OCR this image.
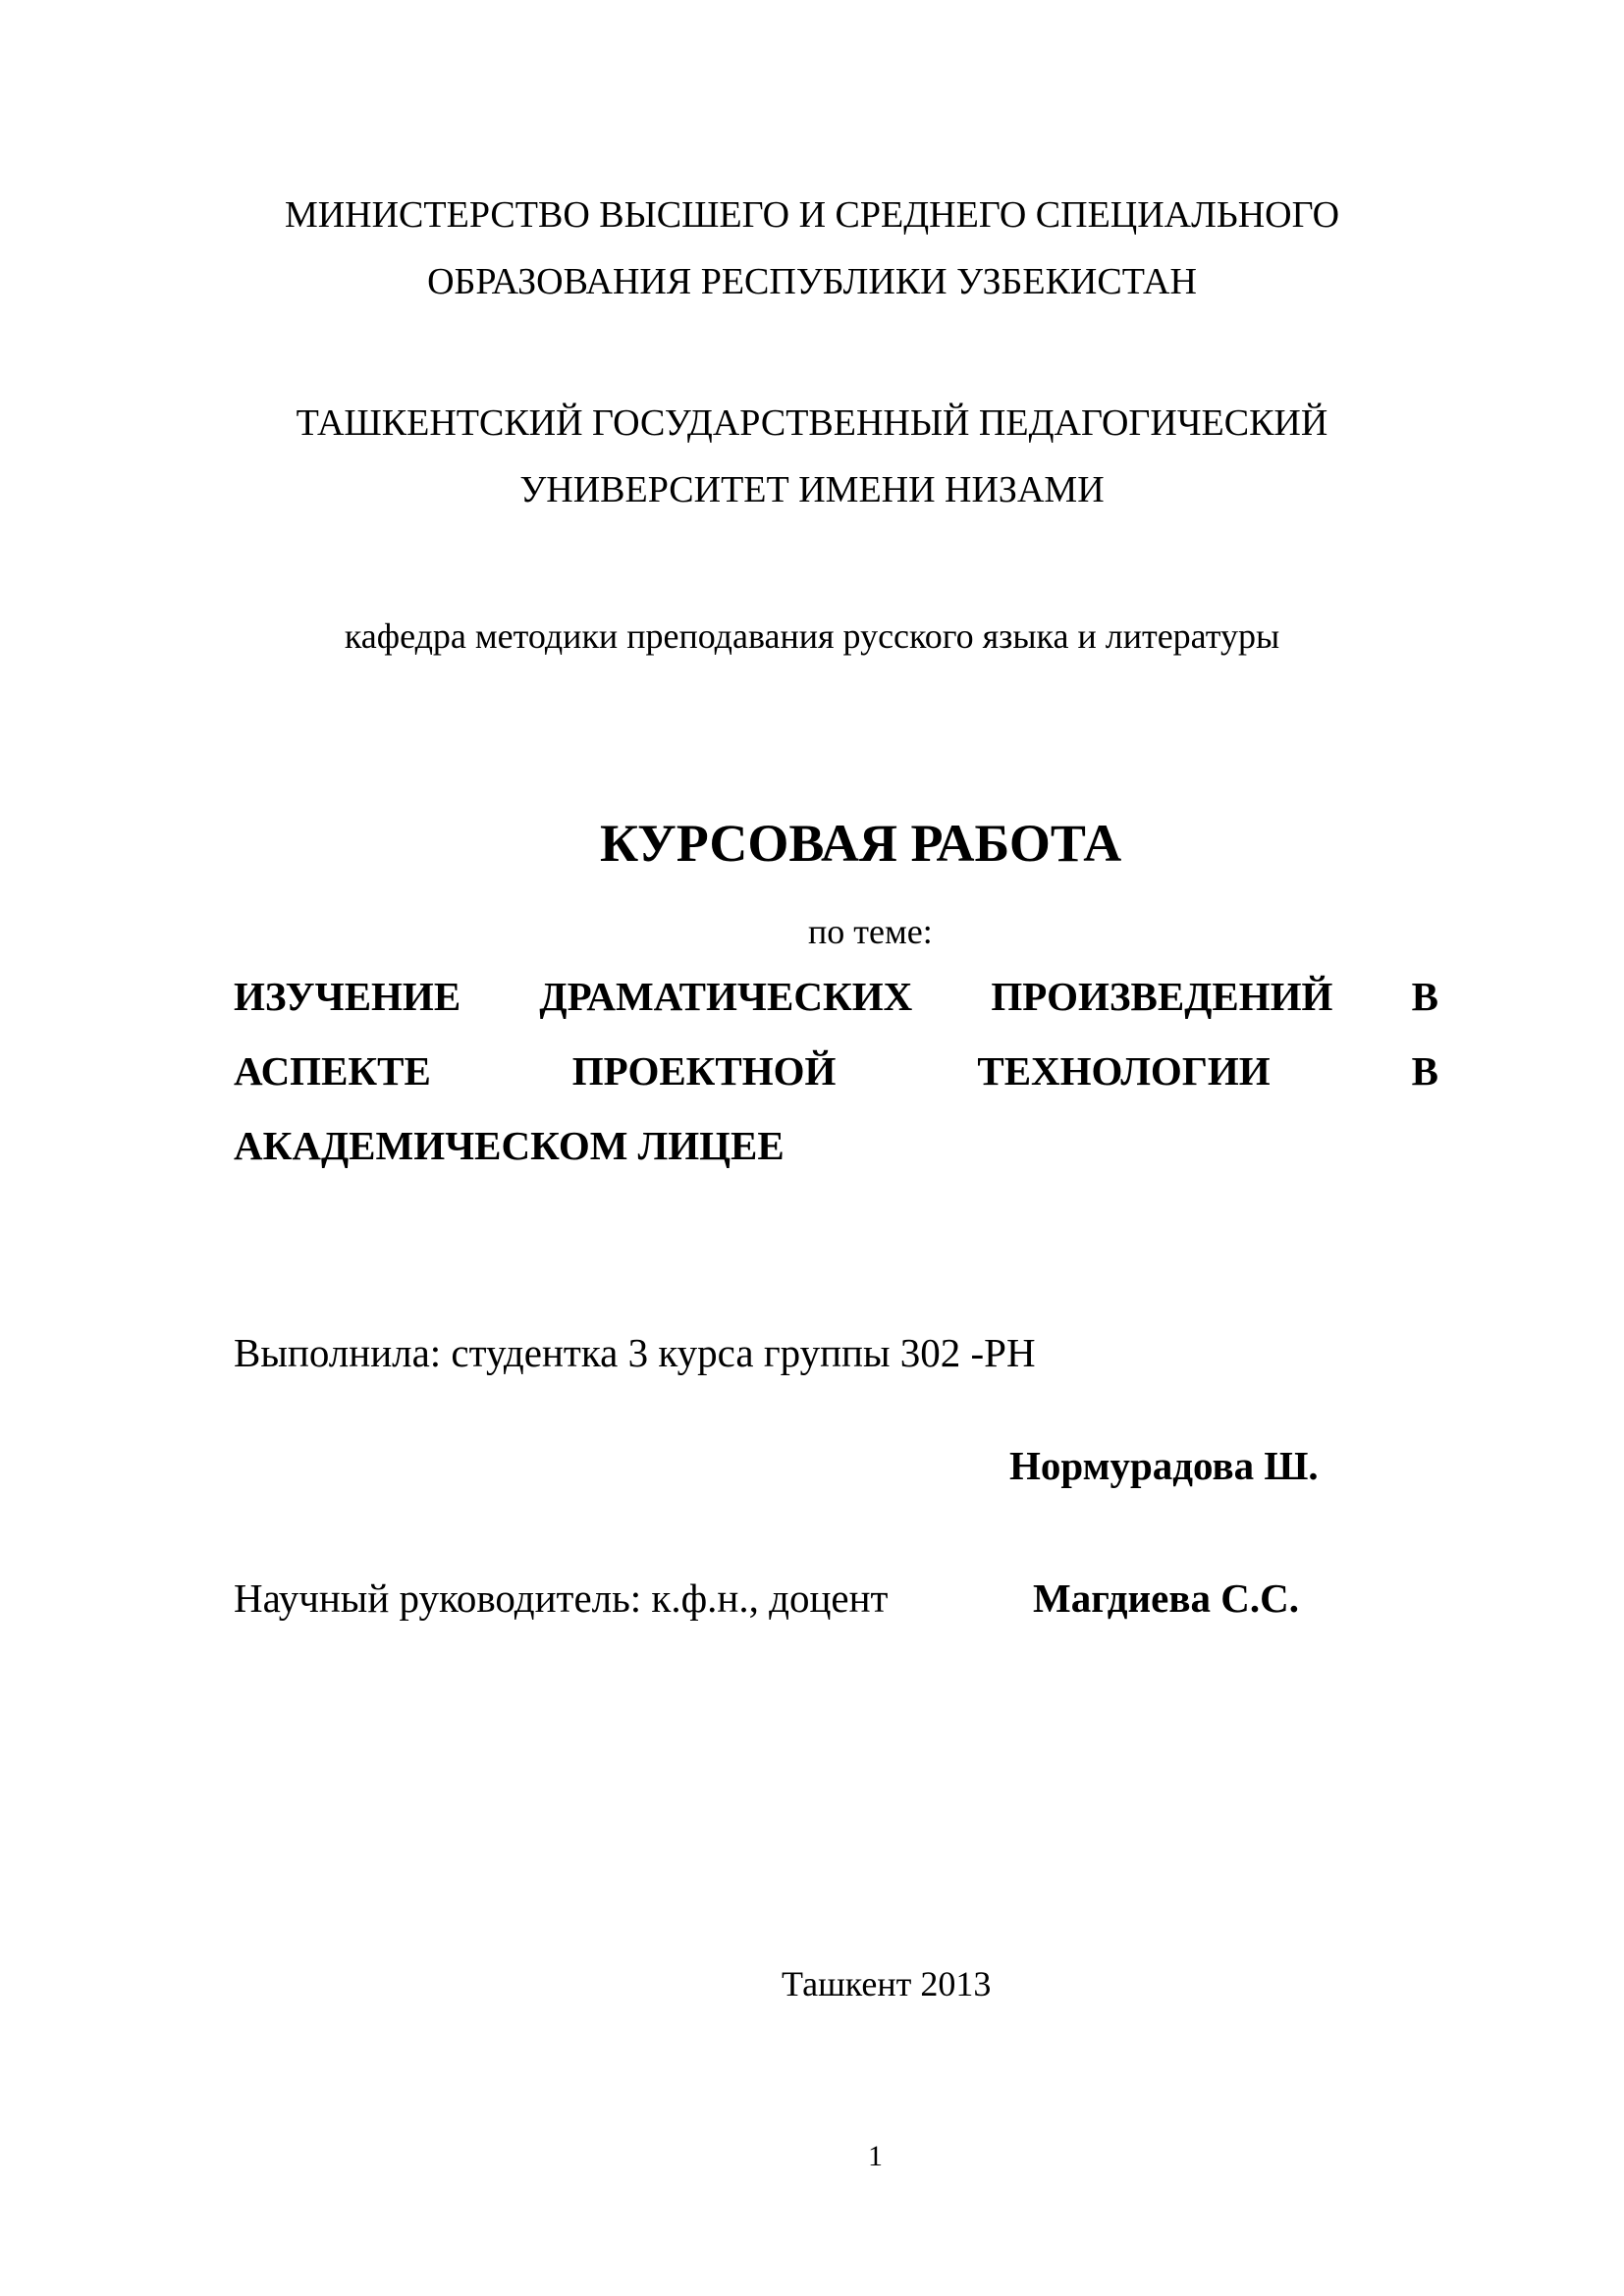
МИНИСТЕРСТВО ВЫСШЕГО И СРЕДНЕГО СПЕЦИАЛЬНОГО
ОБРАЗОВАНИЯ РЕСПУБЛИКИ УЗБЕКИСТАН
ТАШКЕНТСКИЙ ГОСУДАРСТВЕННЫЙ ПЕДАГОГИЧЕСКИЙ
УНИВЕРСИТЕТ ИМЕНИ НИЗАМИ
кафедра методики преподавания русского языка и литературы
КУРСОВАЯ РАБОТА
по теме:
ИЗУЧЕНИЕ ДРАМАТИЧЕСКИХ ПРОИЗВЕДЕНИЙ В
АСПЕКТЕ	ПРОЕКТНОЙ	ТЕХНОЛОГИИ	В
АКАДЕМИЧЕСКОМ ЛИЦЕЕ
Выполнила: студентка 3 курса группы 302 -РН
Нормурадова Ш.
Научный руководитель: к.ф.н., доцент	Магдиева С.С.
Ташкент 2013
1
